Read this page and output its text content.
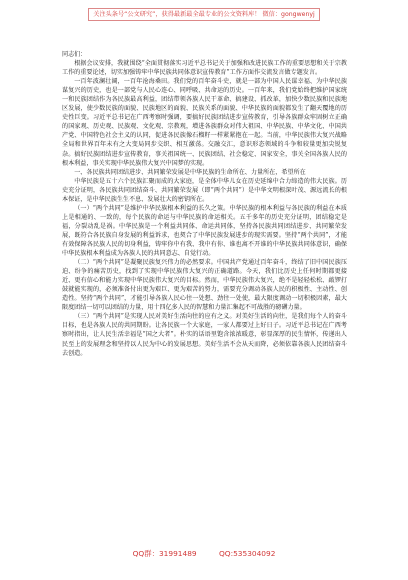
关注头条号“公文研究”，获得最新最全最专业的公文资料库！ 微信：gongwenyj

同志们：

根据会议安排，我就围绕“全面贯彻落实习近平总书记关于加强和改进民族工作的重要思想和关于宗教工作的重要论述，切实加强铸牢中华民族共同体意识宣传教育”工作方面作交流发言做专题发言。

一百年波澜壮阔，一百年沧海桑田。我们党的百年奋斗史，就是一部为中国人民谋幸福、为中华民族谋复兴的历史，也是一部党与人民心连心、同呼吸、共命运的历史。一百年来，我们党始终把维护国家统一和民族团结作为各民族最高利益，团结带领各族人民干革命、搞建设、抓改革，加快少数民族和民族地区发展，使少数民族的面貌、民族地区的面貌、民族关系的面貌、中华民族的面貌都发生了翻天覆地的历史性巨变。习近平总书记在广西考察时强调，要搞好民族团结进步宣传教育，引导各族群众牢固树立正确的国家观、历史观、民族观、文化观、宗教观，增进各族群众对伟大祖国、中华民族、中华文化、中国共产党、中国特色社会主义的认同，促进各民族像石榴籽一样紧紧抱在一起。当前，中华民族伟大复兴战略全局和世界百年未有之大变局同步交织、相互激荡。交融交汇，意识形态领域的斗争和较量更加尖锐复杂。搞好民族团结进步宣传教育，事关祖国统一、民族团结、社会稳定、国家安全，事关全国各族人民的根本利益，事关实现中华民族伟大复兴中国梦的实现。

一、各民族共同团结进步、共同繁荣发展是中华民族的生命所在、力量所在，希望所在

中华民族是五十六个民族汇聚而成的大家庭，是全体中华儿女在历史延绵中合力缔造的伟大民族。历史充分证明，各民族共同团结奋斗、共同繁荣发展（即“两个共同”）是中华文明根深叶茂、源远流长的根本保证，是中华民族生生不息、发展壮大的密钥所在。

（一）“两个共同”是维护中华民族根本利益的长久之策。中华民族的根本利益与各民族的利益在本质上是相通的、一致的，每个民族的命运与中华民族的命运相关。五千多年的历史充分证明，团结稳定是福，分裂动乱是祸。中华民族是一个利益共同体、命运共同体，坚持各民族共同团结进步、共同繁荣发展，既符合各民族自身发展的利益诉求，也契合了中华民族发展进步的现实需要。坚持“两个共同”，才能有效保障各民族人民的切身利益，铸牢你中有我、我中有你、谁也离不开谁的中华民族共同体意识，确保中华民族根本利益成为各族人民的共同意志、自觉行动。

（二）“两个共同”是凝聚民族复兴伟力的必然要求。中国共产党通过百年奋斗，终结了旧中国民族压迫、纷争的痛苦历史，找到了实现中华民族伟大复兴的正确道路。今天，我们比历史上任何时期都更接近、更有信心和能力实现中华民族伟大复兴的目标。然而，中华民族伟大复兴，绝不是轻轻松松、敲锣打鼓就能实现的，必须准备付出更为艰巨、更为艰苦的努力，需要充分调动各族人民的积极性、主动性、创造性。坚持“两个共同”，才能引导各族人民心往一处想、劲往一处使，最大限度调动一切积极因素，最大限度团结一切可以团结的力量，用十四亿多人民的智慧和力量汇集起不可战胜的磅礴力量。

（三）“两个共同”是实现人民对美好生活向往的应有之义。对美好生活的向往，是我们每个人的奋斗目标，也是各族人民的共同期盼。让各民族一个大家庭，一家人都要过上好日子。习近平总书记在广西考察时指出，让人民生活幸福是“国之大者”。朴实的话语里饱含浓浓暖意，彰显深厚的民生情怀，传递出人民至上的发展理念和坚持以人民为中心的发展思想。美好生活不会从天而降，必须依靠各族人民团结奋斗去创造。

QQ群：31991489	QQ:535304092
